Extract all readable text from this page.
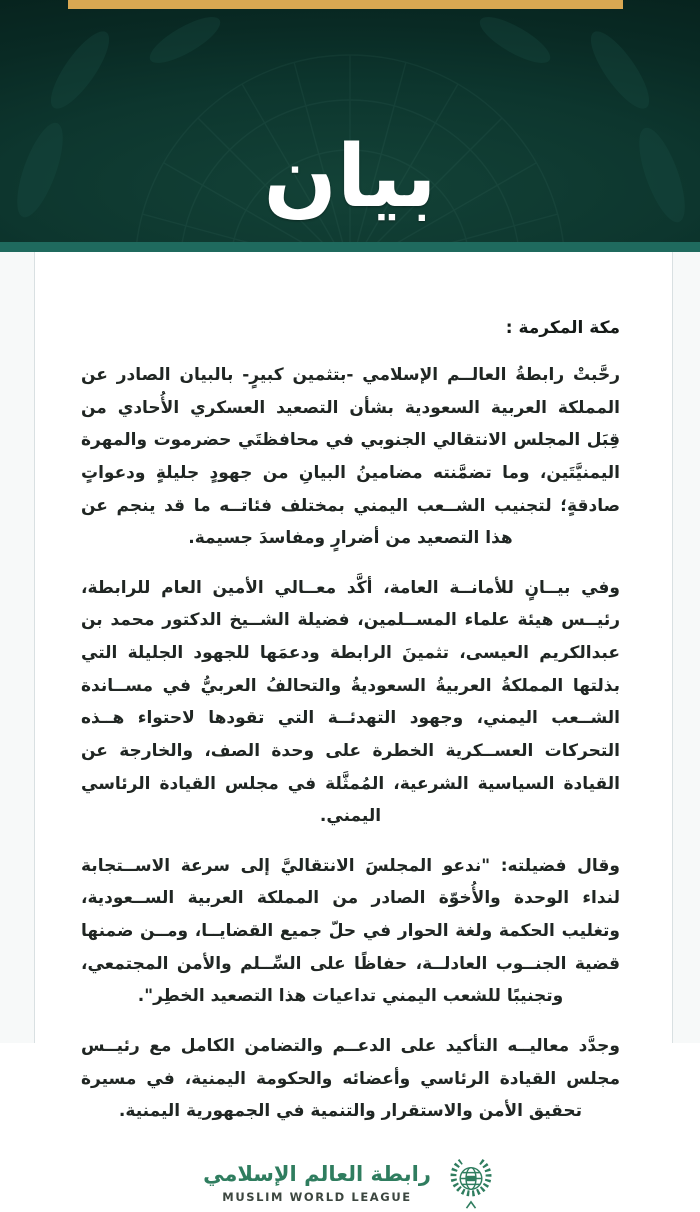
بيان

مكة المكرمة :

رحَّبتْ رابطةُ العالــم الإسلامي -بتثمين كبيرٍ- بالبيان الصادر عن المملكة العربية السعودية بشأن التصعيد العسكري الأُحادي من قِبَل المجلس الانتقالي الجنوبي في محافظتَي حضرموت والمهرة اليمنيَّتَين، وما تضمَّنته مضامينُ البيانِ من جهودٍ جليلةٍ ودعواتٍ صادقةٍ؛ لتجنيب الشــعب اليمني بمختلف فئاتــه ما قد ينجم عن هذا التصعيد من أضرارٍ ومفاسدَ جسيمة.

وفي بيــانٍ للأمانــة العامة، أكَّد معــالي الأمين العام للرابطة، رئيــس هيئة علماء المســلمين، فضيلة الشــيخ الدكتور محمد بن عبدالكريم العيسى، تثمينَ الرابطة ودعمَها للجهود الجليلة التي بذلتها المملكةُ العربيةُ السعوديةُ والتحالفُ العربيُّ في مســاندة الشــعب اليمني، وجهود التهدئــة التي تقودها لاحتواء هــذه التحركات العســكرية الخطرة على وحدة الصف، والخارجة عن القيادة السياسية الشرعية، المُمثَّلة في مجلس القيادة الرئاسي اليمني.

وقال فضيلته: "ندعو المجلسَ الانتقاليَّ إلى سرعة الاســتجابة لنداء الوحدة والأُخوّة الصادر من المملكة العربية الســعودية، وتغليب الحكمة ولغة الحوار في حلّ جميع القضايــا، ومــن ضمنها قضية الجنــوب العادلــة، حفاظًا على السِّــلم والأمن المجتمعي، وتجنيبًا للشعب اليمني تداعيات هذا التصعيد الخطِر".

وجدَّد معاليــه التأكيد على الدعــم والتضامن الكامل مع رئيــس مجلس القيادة الرئاسي وأعضائه والحكومة اليمنية، في مسيرة تحقيق الأمن والاستقرار والتنمية في الجمهورية اليمنية.

رابطة العالم الإسلامي
MUSLIM WORLD LEAGUE
